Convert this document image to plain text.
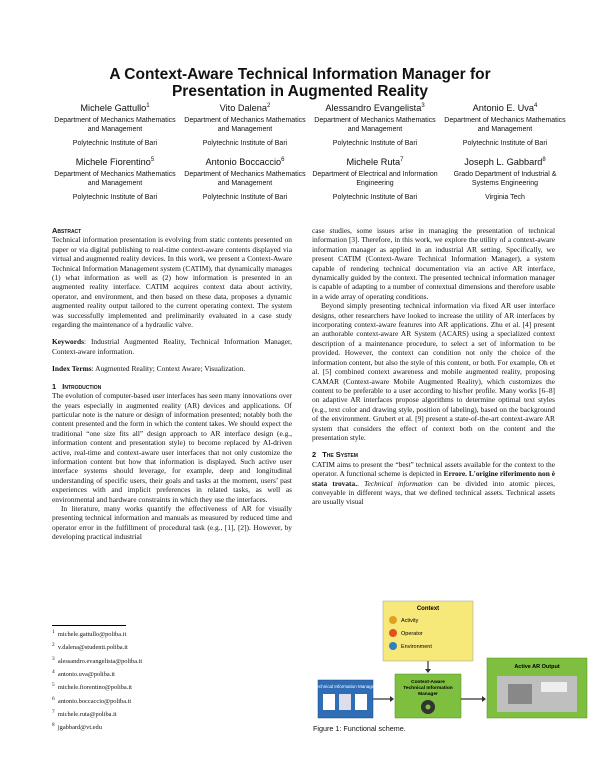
A Context-Aware Technical Information Manager for
Presentation in Augmented Reality
Michele Gattullo$^1$
Department of Mechanics Mathematics and Management
Polytechnic Institute of Bari
Vito Dalena$^2$
Department of Mechanics Mathematics and Management
Polytechnic Institute of Bari
Alessandro Evangelista$^3$
Department of Mechanics Mathematics and Management
Polytechnic Institute of Bari
Antonio E. Uva$^4$
Department of Mechanics Mathematics and Management
Polytechnic Institute of Bari
Michele Fiorentino$^5$
Department of Mechanics Mathematics and Management
Polytechnic Institute of Bari
Antonio Boccaccio$^6$
Department of Mechanics Mathematics and Management
Polytechnic Institute of Bari
Michele Ruta$^7$
Department of Electrical and Information Engineering
Polytechnic Institute of Bari
Joseph L. Gabbard$^8$
Grado Department of Industrial & Systems Engineering
Virginia Tech

Abstract

Technical information presentation is evolving from static contents presented on paper or via digital publishing to real-time context-aware contents displayed via virtual and augmented reality devices. In this work, we present a Context-Aware Technical Information Management system (CATIM), that dynamically manages (1) what information as well as (2) how information is presented in an augmented reality interface. CATIM acquires context data about activity, operator, and environment, and then based on these data, proposes a dynamic augmented reality output tailored to the current operating context. The system was successfully implemented and preliminarily evaluated in a case study regarding the maintenance of a hydraulic valve.

Keywords: Industrial Augmented Reality, Technical Information Manager, Context-aware information.

Index Terms: Augmented Reality; Context Aware; Visualization.

1 Introduction

The evolution of computer-based user interfaces has seen many innovations over the years especially in augmented reality (AR) devices and applications. Of particular note is the nature or design of information presented; notably both the content presented and the form in which the content takes. We should expect the traditional “one size fits all” design approach to AR interface design (e.g., information content and presentation style) to become replaced by AI-driven active, real-time and context-aware user interfaces that not only customize the information content but how that information is displayed. Such active user interface systems should leverage, for example, deep and longitudinal understanding of specific users, their goals and tasks at the moment, users’ past experiences with and implicit preferences in related tasks, as well as environmental and hardware constraints in which they use the interfaces.

In literature, many works quantify the effectiveness of AR for visually presenting technical information and manuals as measured by reduced time and operator error in the fulfillment of procedural task (e.g., [1], [2]). However, by developing practical industrial

$^1$ michele.gattullo@poliba.it
$^2$ v.dalena@studenti.poliba.it
$^3$ alessandro.evangelista@poliba.it
$^4$ antonio.uva@poliba.it
$^5$ michele.fiorentino@poliba.it
$^6$ antonio.boccaccio@poliba.it
$^7$ michele.ruta@poliba.it
$^8$ jgabbard@vt.edu

case studies, some issues arise in managing the presentation of technical information [3]. Therefore, in this work, we explore the utility of a context-aware information manager as applied in an industrial AR setting. Specifically, we present CATIM (Context-Aware Technical Information Manager), a system capable of rendering technical documentation via an active AR interface, dynamically guided by the context. The presented technical information manager is capable of adapting to a number of contextual dimensions and therefore usable in a wide array of operating conditions.

Beyond simply presenting technical information via fixed AR user interface designs, other researchers have looked to increase the utility of AR interfaces by incorporating context-aware features into AR applications. Zhu et al. [4] present an authorable context-aware AR System (ACARS) using a specialized context description of a maintenance procedure, to select a set of information to be provided. However, the context can condition not only the choice of the information content, but also the style of this content, or both. For example, Oh et al. [5] combined context awareness and mobile augmented reality, proposing CAMAR (Context-aware Mobile Augmented Reality), which customizes the content to be preferable to a user according to his/her profile. Many works [6–8] on adaptive AR interfaces propose algorithms to determine optimal text styles (e.g., text color and drawing style, position of labeling), based on the background of the environment. Grubert et al. [9] present a state-of-the-art context-aware AR system that considers the effect of context both on the content and the presentation style.

2 The System

CATIM aims to present the “best” technical assets available for the context to the operator. A functional scheme is depicted in Errore. L'origine riferimento non è stata trovata.. Technical information can be divided into atomic pieces, conveyable in different ways, that we defined technical assets. Technical assets are usually visual

Context
Activity
Operator
Environment
Technical Information Manager
Context-Aware
Technical Information
Manager
Active AR Output
Figure 1: Functional scheme.
